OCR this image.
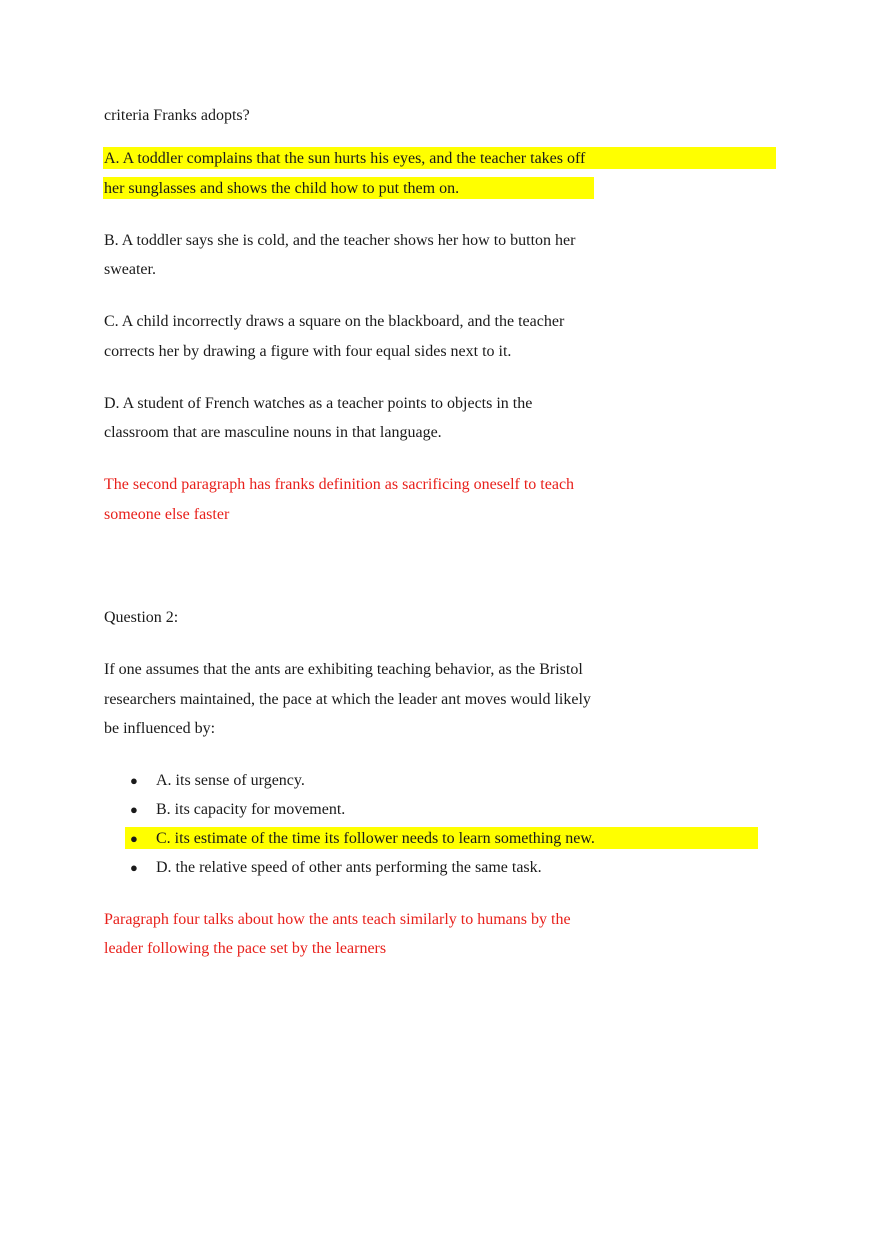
criteria Franks adopts?
A. A toddler complains that the sun hurts his eyes, and the teacher takes off
her sunglasses and shows the child how to put them on.
B. A toddler says she is cold, and the teacher shows her how to button her
sweater.
C. A child incorrectly draws a square on the blackboard, and the teacher
corrects her by drawing a figure with four equal sides next to it.
D. A student of French watches as a teacher points to objects in the
classroom that are masculine nouns in that language.
The second paragraph has franks definition as sacrificing oneself to teach
someone else faster
Question 2:
If one assumes that the ants are exhibiting teaching behavior, as the Bristol
researchers maintained, the pace at which the leader ant moves would likely
be influenced by:
● A. its sense of urgency.
● B. its capacity for movement.
● C. its estimate of the time its follower needs to learn something new.
● D. the relative speed of other ants performing the same task.
Paragraph four talks about how the ants teach similarly to humans by the
leader following the pace set by the learners
